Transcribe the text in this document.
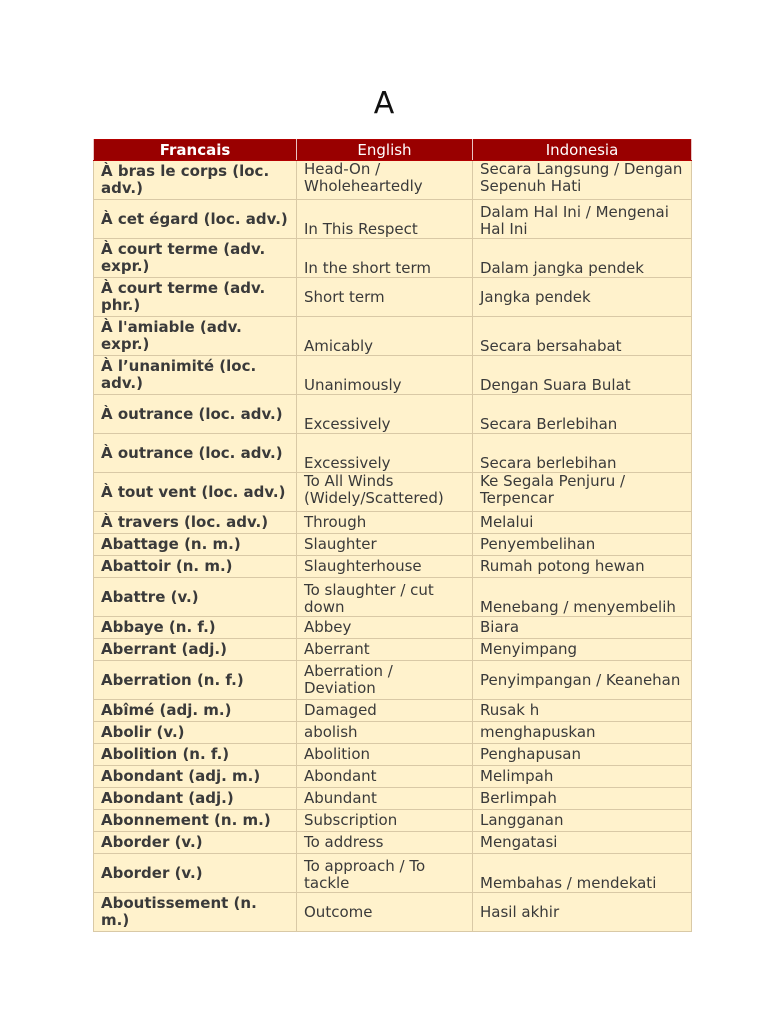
A
Francais	English	Indonesia
À bras le corps (loc. adv.)	Head-On / Wholeheartedly	Secara Langsung / Dengan Sepenuh Hati
À cet égard (loc. adv.)	In This Respect	Dalam Hal Ini / Mengenai Hal Ini
À court terme (adv. expr.)	In the short term	Dalam jangka pendek
À court terme (adv. phr.)	Short term	Jangka pendek
À l'amiable (adv. expr.)	Amicably	Secara bersahabat
À l’unanimité (loc. adv.)	Unanimously	Dengan Suara Bulat
À outrance (loc. adv.)	Excessively	Secara Berlebihan
À outrance (loc. adv.)	Excessively	Secara berlebihan
À tout vent (loc. adv.)	To All Winds (Widely/Scattered)	Ke Segala Penjuru / Terpencar
À travers (loc. adv.)	Through	Melalui
Abattage (n. m.)	Slaughter	Penyembelihan
Abattoir (n. m.)	Slaughterhouse	Rumah potong hewan
Abattre (v.)	To slaughter / cut down	Menebang / menyembelih
Abbaye (n. f.)	Abbey	Biara
Aberrant (adj.)	Aberrant	Menyimpang
Aberration (n. f.)	Aberration / Deviation	Penyimpangan / Keanehan
Abîmé (adj. m.)	Damaged	Rusak h
Abolir (v.)	abolish	menghapuskan
Abolition (n. f.)	Abolition	Penghapusan
Abondant (adj. m.)	Abondant	Melimpah
Abondant (adj.)	Abundant	Berlimpah
Abonnement (n. m.)	Subscription	Langganan
Aborder (v.)	To address	Mengatasi
Aborder (v.)	To approach / To tackle	Membahas / mendekati
Aboutissement (n. m.)	Outcome	Hasil akhir
